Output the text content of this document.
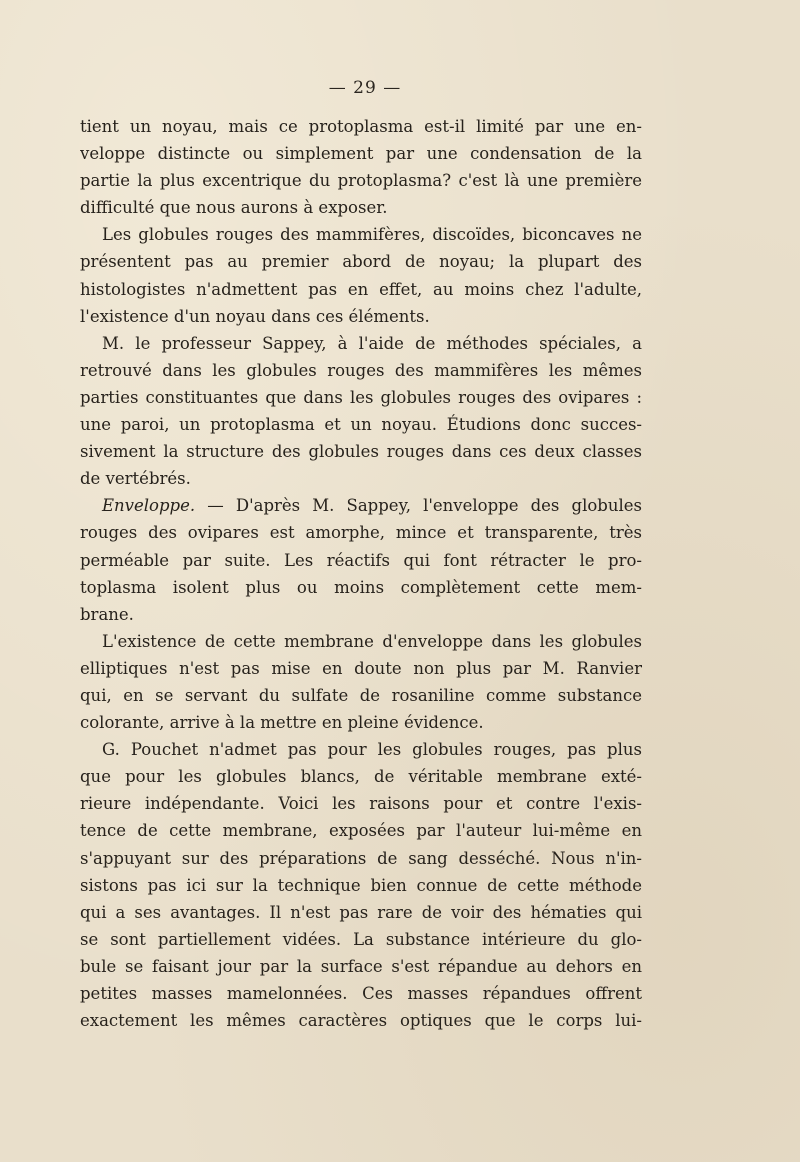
— 29 —
tient un noyau, mais ce protoplasma est-il limité par une en-
veloppe distincte ou simplement par une condensation de la
partie la plus excentrique du protoplasma? c'est là une première
difficulté que nous aurons à exposer.
Les globules rouges des mammifères, discoïdes, biconcaves ne
présentent pas au premier abord de noyau; la plupart des
histologistes n'admettent pas en effet, au moins chez l'adulte,
l'existence d'un noyau dans ces éléments.
M. le professeur Sappey, à l'aide de méthodes spéciales, a
retrouvé dans les globules rouges des mammifères les mêmes
parties constituantes que dans les globules rouges des ovipares :
une paroi, un protoplasma et un noyau. Étudions donc succes-
sivement la structure des globules rouges dans ces deux classes
de vertébrés.
Enveloppe. — D'après M. Sappey, l'enveloppe des globules
rouges des ovipares est amorphe, mince et transparente, très
perméable par suite. Les réactifs qui font rétracter le pro-
toplasma isolent plus ou moins complètement cette mem-
brane.
L'existence de cette membrane d'enveloppe dans les globules
elliptiques n'est pas mise en doute non plus par M. Ranvier
qui, en se servant du sulfate de rosaniline comme substance
colorante, arrive à la mettre en pleine évidence.
G. Pouchet n'admet pas pour les globules rouges, pas plus
que pour les globules blancs, de véritable membrane exté-
rieure indépendante. Voici les raisons pour et contre l'exis-
tence de cette membrane, exposées par l'auteur lui-même en
s'appuyant sur des préparations de sang desséché. Nous n'in-
sistons pas ici sur la technique bien connue de cette méthode
qui a ses avantages. Il n'est pas rare de voir des hématies qui
se sont partiellement vidées. La substance intérieure du glo-
bule se faisant jour par la surface s'est répandue au dehors en
petites masses mamelonnées. Ces masses répandues offrent
exactement les mêmes caractères optiques que le corps lui-
